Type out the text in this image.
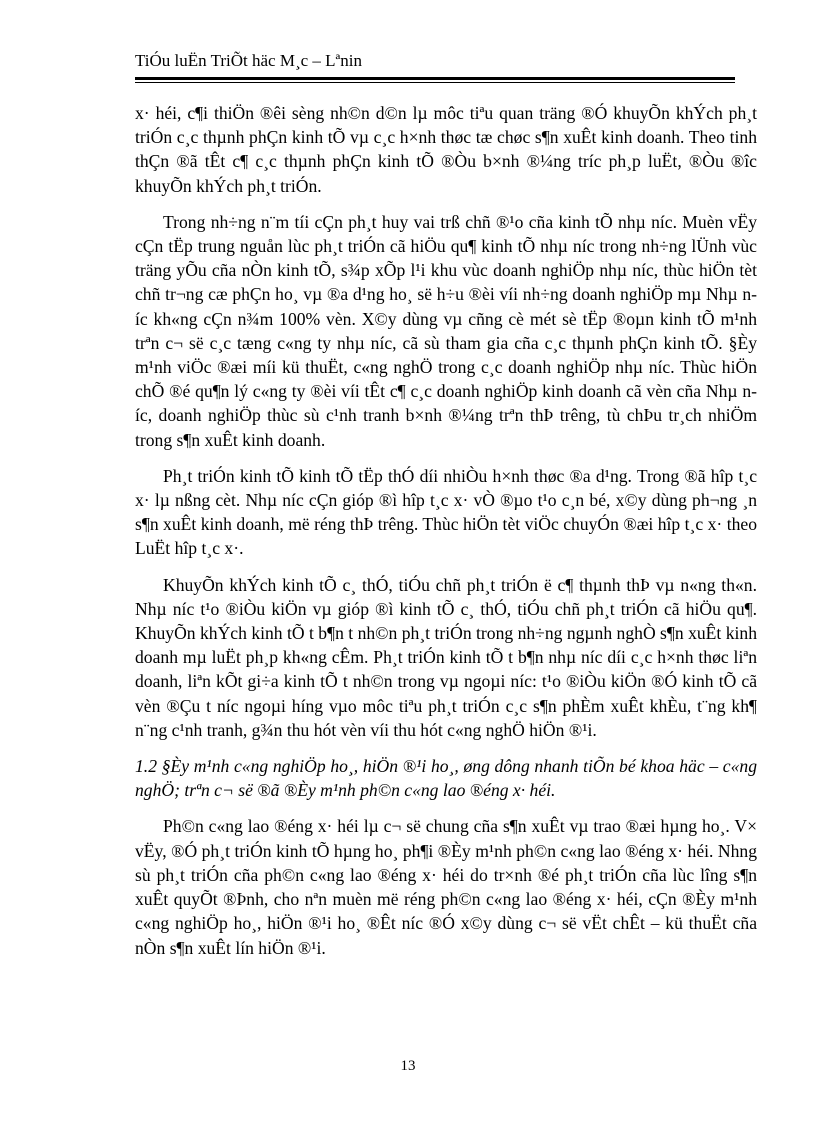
TiÓu luËn TriÕt häc M¸c – Lªnin

x· héi, c¶i thiÖn ®êi sèng nh©n d©n lµ môc tiªu quan träng ®Ó khuyÕn khÝch ph¸t triÓn c¸c thµnh phÇn kinh tÕ vµ c¸c h×nh thøc tæ chøc s¶n xuÊt kinh doanh. Theo tinh thÇn ®ã tÊt c¶ c¸c thµnh phÇn kinh tÕ ®Òu b×nh ®¼ng tríc ph¸p luËt, ®Òu ®îc khuyÕn khÝch ph¸t triÓn.

Trong nh÷ng n¨m tíi cÇn ph¸t huy vai trß chñ ®¹o cña kinh tÕ nhµ níc. Muèn vËy cÇn tËp trung nguån lùc ph¸t triÓn cã hiÖu qu¶ kinh tÕ nhµ níc trong nh÷ng lÜnh vùc träng yÕu cña nÒn kinh tÕ, s¾p xÕp l¹i khu vùc doanh nghiÖp nhµ níc, thùc hiÖn tèt chñ tr¬ng cæ phÇn ho¸ vµ ®a d¹ng ho¸ së h÷u ®èi víi nh÷ng doanh nghiÖp mµ Nhµ níc kh«ng cÇn n¾m 100% vèn. X©y dùng vµ cñng cè mét sè tËp ®oµn kinh tÕ m¹nh trªn c¬ së c¸c tæng c«ng ty nhµ níc, cã sù tham gia cña c¸c thµnh phÇn kinh tÕ. §Èy m¹nh viÖc ®æi míi kü thuËt, c«ng nghÖ trong c¸c doanh nghiÖp nhµ níc. Thùc hiÖn chÕ ®é qu¶n lý c«ng ty ®èi víi tÊt c¶ c¸c doanh nghiÖp kinh doanh cã vèn cña Nhµ níc, doanh nghiÖp thùc sù c¹nh tranh b×nh ®¼ng trªn thÞ trêng, tù chÞu tr¸ch nhiÖm trong s¶n xuÊt kinh doanh.

Ph¸t triÓn kinh tÕ kinh tÕ tËp thÓ díi nhiÒu h×nh thøc ®a d¹ng. Trong ®ã hîp t¸c x· lµ nßng cèt. Nhµ níc cÇn gióp ®ì hîp t¸c x· vÒ ®µo t¹o c¸n bé, x©y dùng ph¬ng ¸n s¶n xuÊt kinh doanh, më réng thÞ trêng. Thùc hiÖn tèt viÖc chuyÓn ®æi hîp t¸c x· theo LuËt hîp t¸c x·.

KhuyÕn khÝch kinh tÕ c¸ thÓ, tiÓu chñ ph¸t triÓn ë c¶ thµnh thÞ vµ n«ng th«n. Nhµ níc t¹o ®iÒu kiÖn vµ gióp ®ì kinh tÕ c¸ thÓ, tiÓu chñ ph¸t triÓn cã hiÖu qu¶. KhuyÕn khÝch kinh tÕ t b¶n t nh©n ph¸t triÓn trong nh÷ng ngµnh nghÒ s¶n xuÊt kinh doanh mµ luËt ph¸p kh«ng cÊm. Ph¸t triÓn kinh tÕ t b¶n nhµ níc díi c¸c h×nh thøc liªn doanh, liªn kÕt gi÷a kinh tÕ t nh©n trong vµ ngoµi níc: t¹o ®iÒu kiÖn ®Ó kinh tÕ cã vèn ®Çu t níc ngoµi híng vµo môc tiªu ph¸t triÓn c¸c s¶n phÈm xuÊt khÈu, t¨ng kh¶ n¨ng c¹nh tranh, g¾n thu hót vèn víi thu hót c«ng nghÖ hiÖn ®¹i.

1.2 §Èy m¹nh c«ng nghiÖp ho¸, hiÖn ®¹i ho¸, øng dông nhanh tiÕn bé khoa häc – c«ng nghÖ; trªn c¬ së ®ã ®Èy m¹nh ph©n c«ng lao ®éng x· héi.

Ph©n c«ng lao ®éng x· héi lµ c¬ së chung cña s¶n xuÊt vµ trao ®æi hµng ho¸. V× vËy, ®Ó ph¸t triÓn kinh tÕ hµng ho¸ ph¶i ®Èy m¹nh ph©n c«ng lao ®éng x· héi. Nhng sù ph¸t triÓn cña ph©n c«ng lao ®éng x· héi do tr×nh ®é ph¸t triÓn cña lùc lîng s¶n xuÊt quyÕt ®Þnh, cho nªn muèn më réng ph©n c«ng lao ®éng x· héi, cÇn ®Èy m¹nh c«ng nghiÖp ho¸, hiÖn ®¹i ho¸ ®Êt níc ®Ó x©y dùng c¬ së vËt chÊt – kü thuËt cña nÒn s¶n xuÊt lín hiÖn ®¹i.

13
